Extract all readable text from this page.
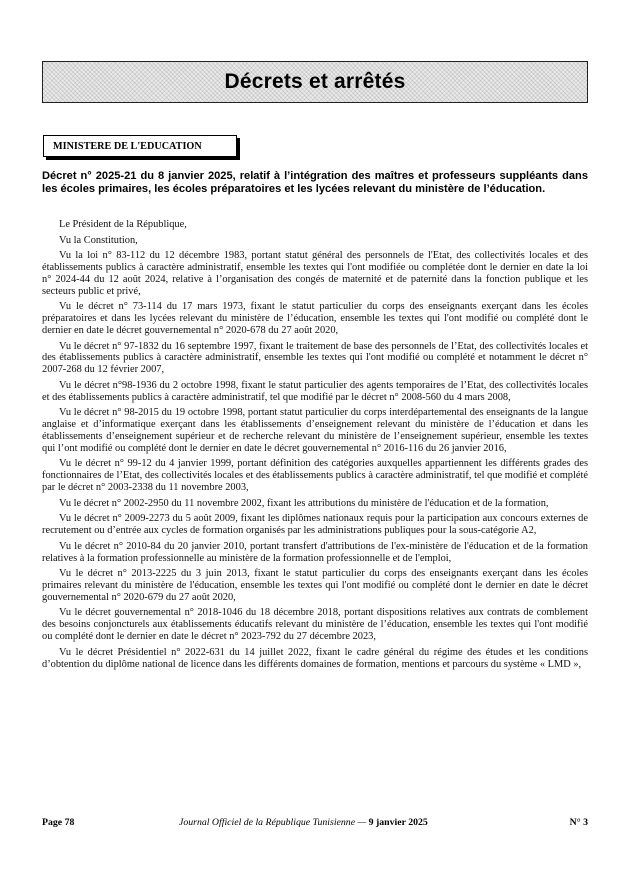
Décrets et arrêtés
MINISTERE DE L'EDUCATION

Décret n° 2025-21 du 8 janvier 2025, relatif à l’intégration des maîtres et professeurs suppléants dans les écoles primaires, les écoles préparatoires et les lycées relevant du ministère de l’éducation.

Le Président de la République,

Vu la Constitution,

Vu la loi n° 83-112 du 12 décembre 1983, portant statut général des personnels de l'Etat, des collectivités locales et des établissements publics à caractère administratif, ensemble les textes qui l'ont modifiée ou complétée dont le dernier en date la loi n° 2024-44 du 12 août 2024, relative à l’organisation des congés de maternité et de paternité dans la fonction publique et les secteurs public et privé,

Vu le décret n° 73-114 du 17 mars 1973, fixant le statut particulier du corps des enseignants exerçant dans les écoles préparatoires et dans les lycées relevant du ministère de l’éducation, ensemble les textes qui l'ont modifié ou complété dont le dernier en date le décret gouvernemental n° 2020-678 du 27 août 2020,

Vu le décret n° 97-1832 du 16 septembre 1997, fixant le traitement de base des personnels de l’Etat, des collectivités locales et des établissements publics à caractère administratif, ensemble les textes qui l'ont modifié ou complété et notamment le décret n° 2007-268 du 12 février 2007,

Vu le décret n°98-1936 du 2 octobre 1998, fixant le statut particulier des agents temporaires de l’Etat, des collectivités locales et des établissements publics à caractère administratif, tel que modifié par le décret n° 2008-560 du 4 mars 2008,

Vu le décret n° 98-2015 du 19 octobre 1998, portant statut particulier du corps interdépartemental des enseignants de la langue anglaise et d’informatique exerçant dans les établissements d’enseignement relevant du ministère de l’éducation et dans les établissements d’enseignement supérieur et de recherche relevant du ministère de l’enseignement supérieur, ensemble les textes qui l’ont modifié ou complété dont le dernier en date le décret gouvernemental n° 2016-116 du 26 janvier 2016,

Vu le décret n° 99-12 du 4 janvier 1999, portant définition des catégories auxquelles appartiennent les différents grades des fonctionnaires de l’Etat, des collectivités locales et des établissements publics à caractère administratif, tel que modifié et complété par le décret n° 2003-2338 du 11 novembre 2003,

Vu le décret n° 2002-2950 du 11 novembre 2002, fixant les attributions du ministère de l'éducation et de la formation,

Vu le décret n° 2009-2273 du 5 août 2009, fixant les diplômes nationaux requis pour la participation aux concours externes de recrutement ou d’entrée aux cycles de formation organisés par les administrations publiques pour la sous-catégorie A2,

Vu le décret n° 2010-84 du 20 janvier 2010, portant transfert d'attributions de l'ex-ministère de l'éducation et de la formation relatives à la formation professionnelle au ministère de la formation professionnelle et de l'emploi,

Vu le décret n° 2013-2225 du 3 juin 2013, fixant le statut particulier du corps des enseignants exerçant dans les écoles primaires relevant du ministère de l'éducation, ensemble les textes qui l'ont modifié ou complété dont le dernier en date le décret gouvernemental n° 2020-679 du 27 août 2020,

Vu le décret gouvernemental n° 2018-1046 du 18 décembre 2018, portant dispositions relatives aux contrats de comblement des besoins conjoncturels aux établissements éducatifs relevant du ministère de l’éducation, ensemble les textes qui l'ont modifié ou complété dont le dernier en date le décret n° 2023-792 du 27 décembre 2023,

Vu le décret Présidentiel n° 2022-631 du 14 juillet 2022, fixant le cadre général du régime des études et les conditions d’obtention du diplôme national de licence dans les différents domaines de formation, mentions et parcours du système « LMD »,

Page 78	Journal Officiel de la République Tunisienne — 9 janvier 2025	N° 3
